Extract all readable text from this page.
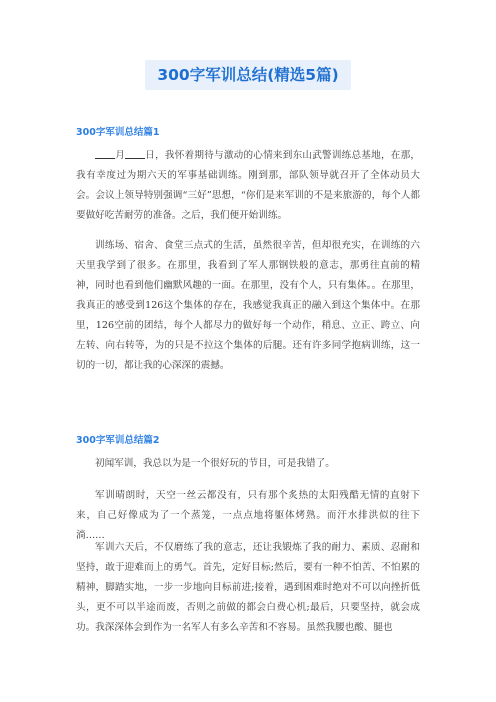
300字军训总结(精选5篇)
300字军训总结篇1

月 日，我怀着期待与激动的心情来到东山武警训练总基地，在那，我有幸度过为期六天的军事基础训练。刚到那，部队领导就召开了全体动员大会。会议上领导特别强调“三好”思想，“你们是来军训的不是来旅游的，每个人都要做好吃苦耐劳的准备。之后，我们便开始训练。

训练场、宿舍、食堂三点式的生活，虽然很辛苦，但却很充实，在训练的六天里我学到了很多。在那里，我看到了军人那钢铁般的意志，那勇往直前的精神，同时也看到他们幽默风趣的一面。在那里，没有个人，只有集体。。在那里，我真正的感受到126这个集体的存在，我感觉我真正的融入到这个集体中。在那里，126空前的团结，每个人都尽力的做好每一个动作，稍息、立正、跨立、向左转、向右转等，为的只是不拉这个集体的后腿。还有许多同学抱病训练，这一切的一切，都让我的心深深的震撼。

300字军训总结篇2

初闻军训，我总以为是一个很好玩的节目，可是我错了。

军训晴朗时，天空一丝云都没有，只有那个炙热的太阳残酷无情的直射下来，自己好像成为了一个蒸笼，一点点地将躯体烤熟。而汗水排洪似的往下淌……

军训六天后，不仅磨练了我的意志，还让我锻炼了我的耐力、素质、忍耐和坚持，敢于迎难而上的勇气。首先，定好目标;然后，要有一种不怕苦、不怕累的精神，脚踏实地，一步一步地向目标前进;接着，遇到困难时绝对不可以向挫折低头，更不可以半途而废，否则之前做的都会白费心机;最后，只要坚持，就会成功。我深深体会到作为一名军人有多么辛苦和不容易。虽然我腰也酸、腿也
